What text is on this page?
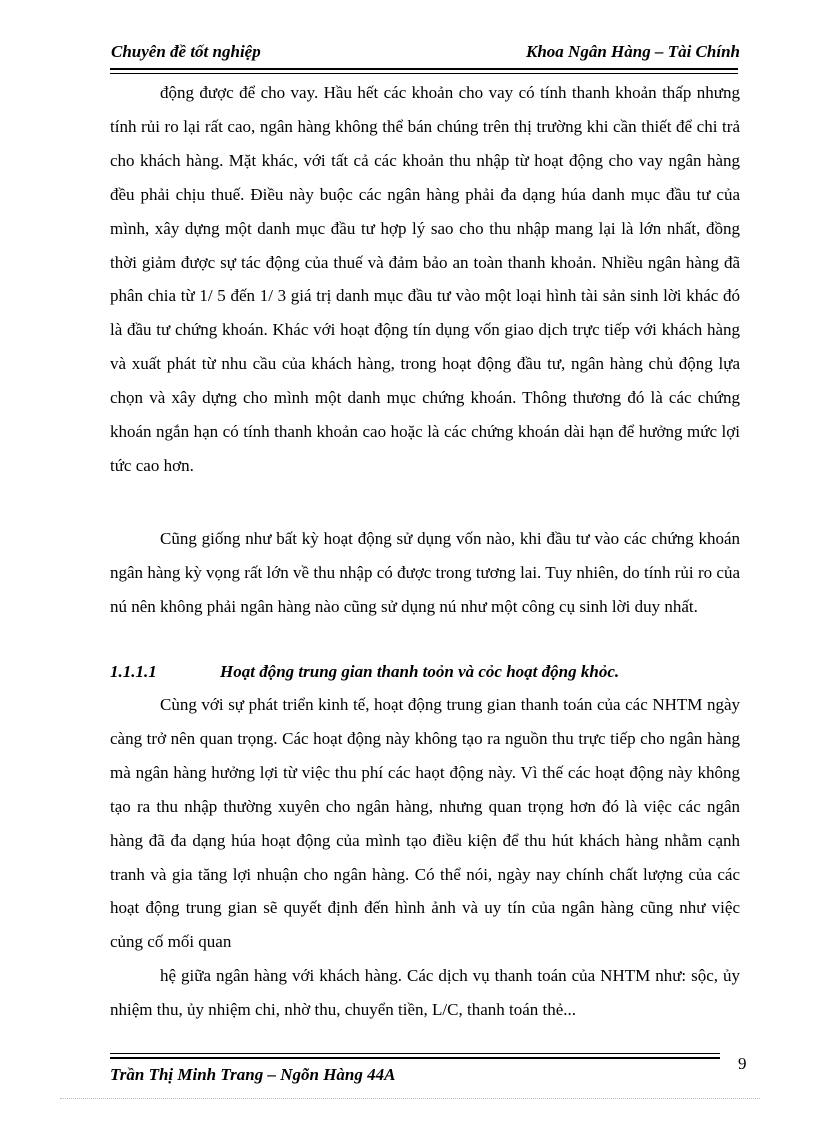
Chuyên đề tốt nghiệp	Khoa Ngân Hàng – Tài Chính

động được để cho vay. Hầu hết các khoản cho vay có tính thanh khoản thấp nhưng tính rủi ro lại rất cao, ngân hàng không thể bán chúng trên thị trường khi cần thiết để chi trả cho khách hàng. Mặt khác, với tất cả các khoản thu nhập từ hoạt động cho vay ngân hàng đều phải chịu thuế. Điều này buộc các ngân hàng phải đa dạng húa danh mục đầu tư của mình, xây dựng một danh mục đầu tư hợp lý sao cho thu nhập mang lại là lớn nhất, đồng thời giảm được sự tác động của thuế và đảm bảo an toàn thanh khoản. Nhiều ngân hàng đã phân chia từ 1/ 5 đến 1/ 3 giá trị danh mục đầu tư vào một loại hình tài sản sinh lời khác đó là đầu tư chứng khoán. Khác với hoạt động tín dụng vốn giao dịch trực tiếp với khách hàng và xuất phát từ nhu cầu của khách hàng, trong hoạt động đầu tư, ngân hàng chủ động lựa chọn và xây dựng cho mình một danh mục chứng khoán. Thông thương đó là các chứng khoán ngắn hạn có tính thanh khoản cao hoặc là các chứng khoán dài hạn để hưởng mức lợi tức cao hơn.

Cũng giống như bất kỳ hoạt động sử dụng vốn nào, khi đầu tư vào các chứng khoán ngân hàng kỳ vọng rất lớn về thu nhập có được trong tương lai. Tuy nhiên, do tính rủi ro của nú nên không phải ngân hàng nào cũng sử dụng nú như một công cụ sinh lời duy nhất.

1.1.1.1	Hoạt động trung gian thanh toỏn và cỏc hoạt động khỏc.

Cùng với sự phát triển kinh tế, hoạt động trung gian thanh toán của các NHTM ngày càng trở nên quan trọng. Các hoạt động này không tạo ra nguồn thu trực tiếp cho ngân hàng mà ngân hàng hưởng lợi từ việc thu phí các haọt động này. Vì thế các hoạt động này không tạo ra thu nhập thường xuyên cho ngân hàng, nhưng quan trọng hơn đó là việc các ngân hàng đã đa dạng húa hoạt động của mình tạo điều kiện để thu hút khách hàng nhằm cạnh tranh và gia tăng lợi nhuận cho ngân hàng. Có thể nói, ngày nay chính chất lượng của các hoạt động trung gian sẽ quyết định đến hình ảnh và uy tín của ngân hàng cũng như việc củng cố mối quan

hệ giữa ngân hàng với khách hàng. Các dịch vụ thanh toán của NHTM như: sộc, ủy nhiệm thu, ủy nhiệm chi, nhờ thu, chuyển tiền, L/C, thanh toán thẻ...

Trần Thị Minh Trang – Ngõn Hàng 44A
9
